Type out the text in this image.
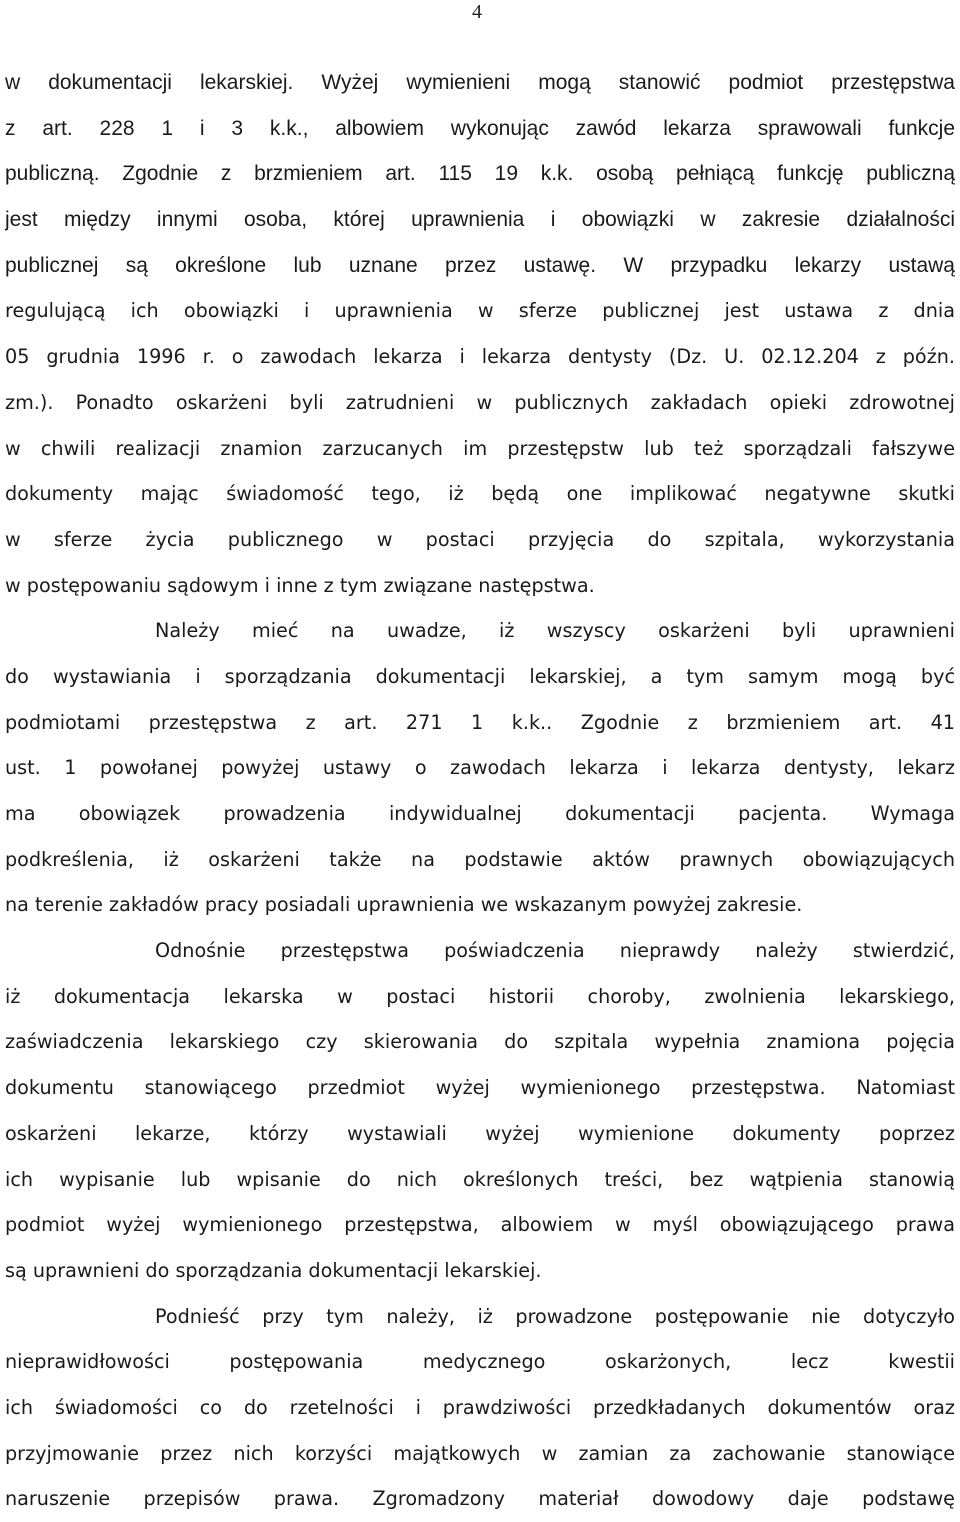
4
w dokumentacji lekarskiej. Wyżej wymienieni mogą stanowić podmiot przestępstwa
z art. 228 1 i 3 k.k., albowiem wykonując zawód lekarza sprawowali funkcje
publiczną. Zgodnie z brzmieniem art. 115 19 k.k. osobą pełniącą funkcję publiczną
jest między innymi osoba, której uprawnienia i obowiązki w zakresie działalności
publicznej są określone lub uznane przez ustawę. W przypadku lekarzy ustawą
regulującą ich obowiązki i uprawnienia w sferze publicznej jest ustawa z dnia
05 grudnia 1996 r. o zawodach lekarza i lekarza dentysty (Dz. U. 02.12.204 z późn.
zm.). Ponadto oskarżeni byli zatrudnieni w publicznych zakładach opieki zdrowotnej
w chwili realizacji znamion zarzucanych im przestępstw lub też sporządzali fałszywe
dokumenty mając świadomość tego, iż będą one implikować negatywne skutki
w sferze życia publicznego w postaci przyjęcia do szpitala, wykorzystania
w postępowaniu sądowym i inne z tym związane następstwa.
Należy mieć na uwadze, iż wszyscy oskarżeni byli uprawnieni
do wystawiania i sporządzania dokumentacji lekarskiej, a tym samym mogą być
podmiotami przestępstwa z art. 271 1 k.k.. Zgodnie z brzmieniem art. 41
ust. 1 powołanej powyżej ustawy o zawodach lekarza i lekarza dentysty, lekarz
ma obowiązek prowadzenia indywidualnej dokumentacji pacjenta. Wymaga
podkreślenia, iż oskarżeni także na podstawie aktów prawnych obowiązujących
na terenie zakładów pracy posiadali uprawnienia we wskazanym powyżej zakresie.
Odnośnie przestępstwa poświadczenia nieprawdy należy stwierdzić,
iż dokumentacja lekarska w postaci historii choroby, zwolnienia lekarskiego,
zaświadczenia lekarskiego czy skierowania do szpitala wypełnia znamiona pojęcia
dokumentu stanowiącego przedmiot wyżej wymienionego przestępstwa. Natomiast
oskarżeni lekarze, którzy wystawiali wyżej wymienione dokumenty poprzez
ich wypisanie lub wpisanie do nich określonych treści, bez wątpienia stanowią
podmiot wyżej wymienionego przestępstwa, albowiem w myśl obowiązującego prawa
są uprawnieni do sporządzania dokumentacji lekarskiej.
Podnieść przy tym należy, iż prowadzone postępowanie nie dotyczyło
nieprawidłowości postępowania medycznego oskarżonych, lecz kwestii
ich świadomości co do rzetelności i prawdziwości przedkładanych dokumentów oraz
przyjmowanie przez nich korzyści majątkowych w zamian za zachowanie stanowiące
naruszenie przepisów prawa. Zgromadzony materiał dowodowy daje podstawę
